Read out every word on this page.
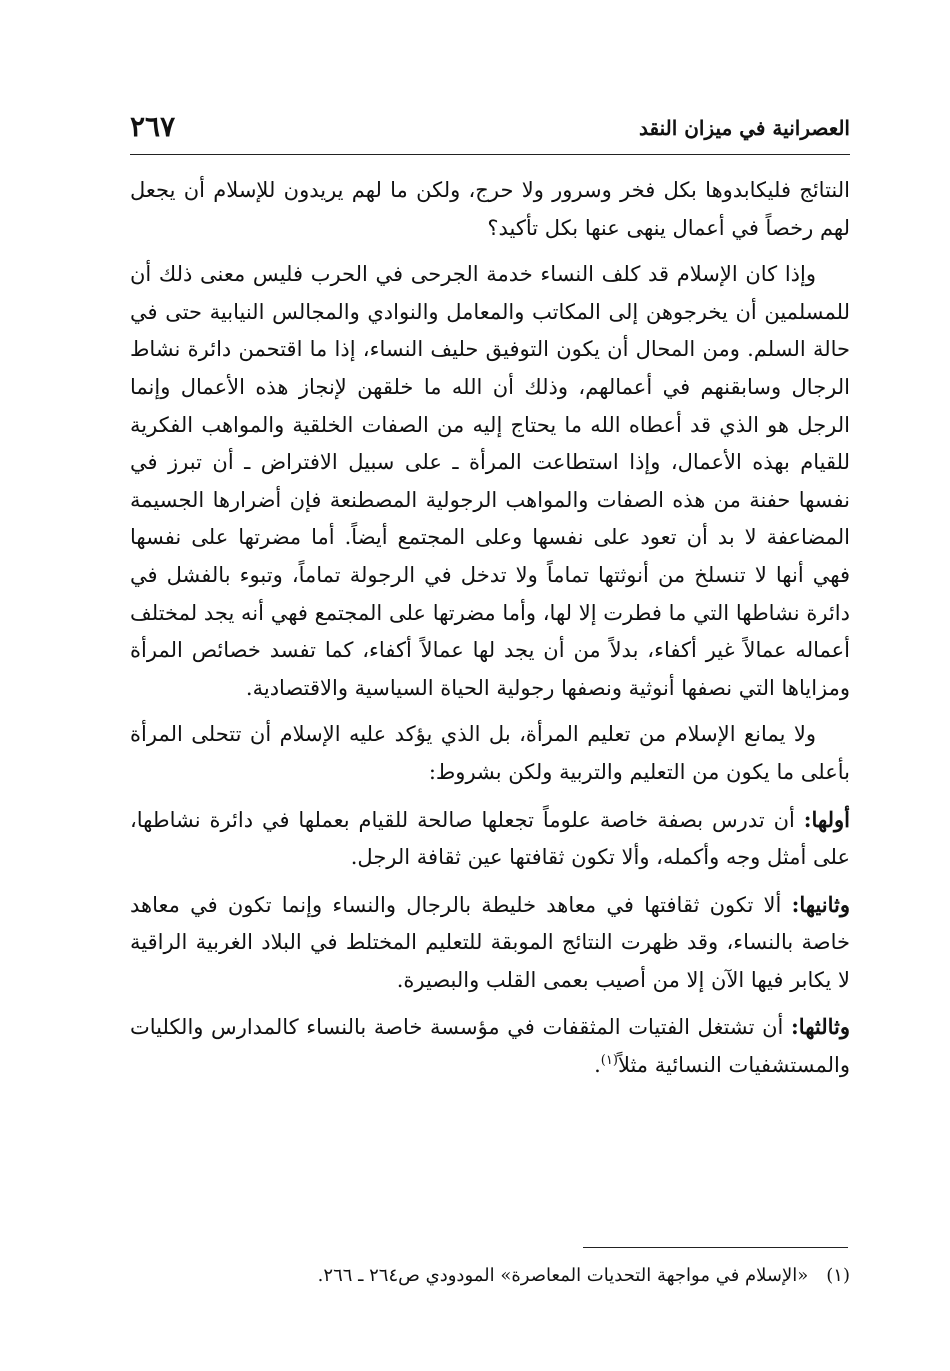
العصرانية في ميزان النقد
٢٦٧

النتائج فليكابدوها بكل فخر وسرور ولا حرج، ولكن ما لهم يريدون للإسلام أن يجعل لهم رخصاً في أعمال ينهى عنها بكل تأكيد؟

وإذا كان الإسلام قد كلف النساء خدمة الجرحى في الحرب فليس معنى ذلك أن للمسلمين أن يخرجوهن إلى المكاتب والمعامل والنوادي والمجالس النيابية حتى في حالة السلم. ومن المحال أن يكون التوفيق حليف النساء، إذا ما اقتحمن دائرة نشاط الرجال وسابقنهم في أعمالهم، وذلك أن الله ما خلقهن لإنجاز هذه الأعمال وإنما الرجل هو الذي قد أعطاه الله ما يحتاج إليه من الصفات الخلقية والمواهب الفكرية للقيام بهذه الأعمال، وإذا استطاعت المرأة ـ على سبيل الافتراض ـ أن تبرز في نفسها حفنة من هذه الصفات والمواهب الرجولية المصطنعة فإن أضرارها الجسيمة المضاعفة لا بد أن تعود على نفسها وعلى المجتمع أيضاً. أما مضرتها على نفسها فهي أنها لا تنسلخ من أنوثتها تماماً ولا تدخل في الرجولة تماماً، وتبوء بالفشل في دائرة نشاطها التي ما فطرت إلا لها، وأما مضرتها على المجتمع فهي أنه يجد لمختلف أعماله عمالاً غير أكفاء، بدلاً من أن يجد لها عمالاً أكفاء، كما تفسد خصائص المرأة ومزاياها التي نصفها أنوثية ونصفها رجولية الحياة السياسية والاقتصادية.

ولا يمانع الإسلام من تعليم المرأة، بل الذي يؤكد عليه الإسلام أن تتحلى المرأة بأعلى ما يكون من التعليم والتربية ولكن بشروط:

أولها: أن تدرس بصفة خاصة علوماً تجعلها صالحة للقيام بعملها في دائرة نشاطها، على أمثل وجه وأكمله، وألا تكون ثقافتها عين ثقافة الرجل.

وثانيها: ألا تكون ثقافتها في معاهد خليطة بالرجال والنساء وإنما تكون في معاهد خاصة بالنساء، وقد ظهرت النتائج الموبقة للتعليم المختلط في البلاد الغربية الراقية لا يكابر فيها الآن إلا من أصيب بعمى القلب والبصيرة.

وثالثها: أن تشتغل الفتيات المثقفات في مؤسسة خاصة بالنساء كالمدارس والكليات والمستشفيات النسائية مثلاً$^{(١)}$.

(١)«الإسلام في مواجهة التحديات المعاصرة» المودودي ص٢٦٤ ـ ٢٦٦.
